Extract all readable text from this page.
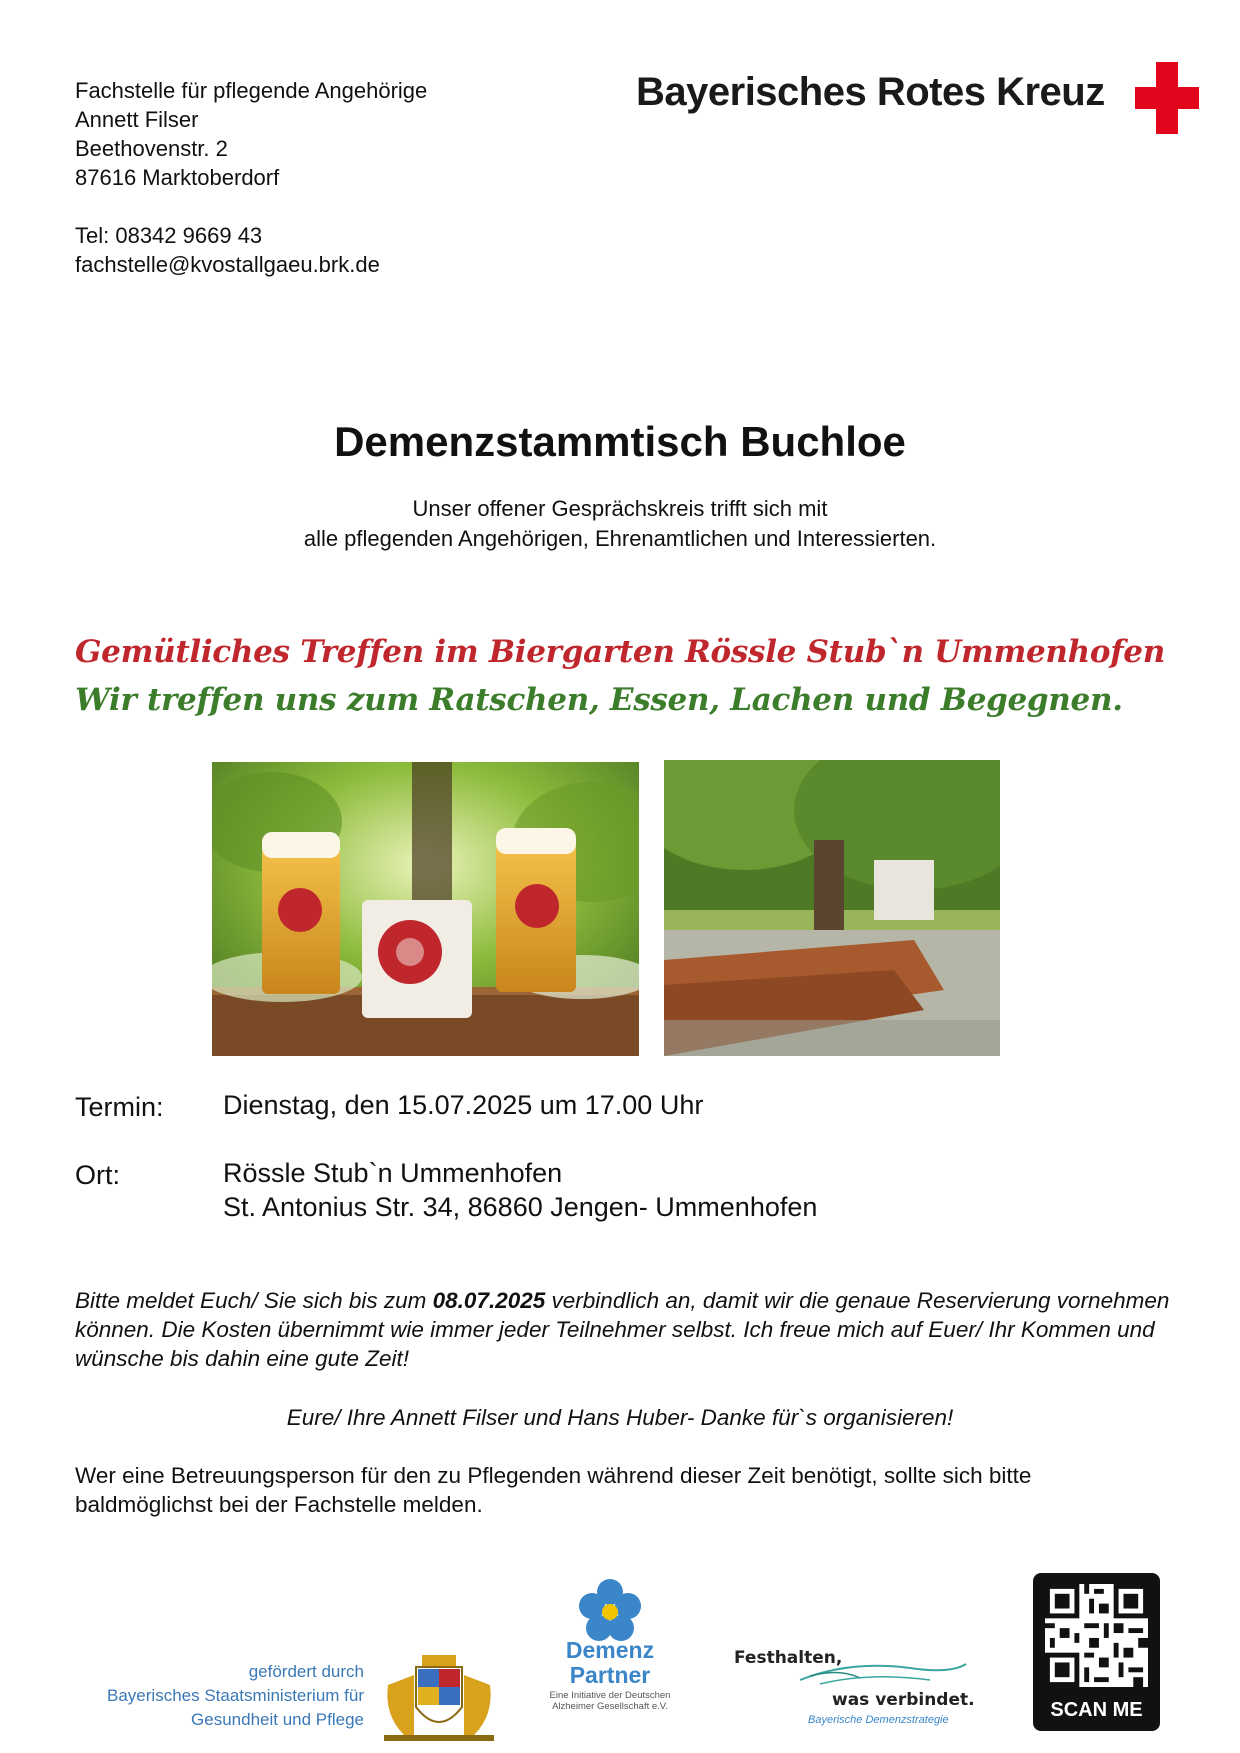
Fachstelle für pflegende Angehörige
Annett Filser
Beethovenstr. 2
87616 Marktoberdorf
Tel: 08342 9669 43
fachstelle@kvostallgaeu.brk.de
Bayerisches Rotes Kreuz
Demenzstammtisch Buchloe
Unser offener Gesprächskreis trifft sich mit
alle pflegenden Angehörigen, Ehrenamtlichen und Interessierten.
Gemütliches Treffen im Biergarten Rössle Stub`n Ummenhofen
Wir treffen uns zum Ratschen, Essen, Lachen und Begegnen.
Termin: Dienstag, den 15.07.2025 um 17.00 Uhr
Ort:	Rössle Stub`n Ummenhofen
St. Antonius Str. 34, 86860 Jengen- Ummenhofen
Bitte meldet Euch/ Sie sich bis zum 08.07.2025 verbindlich an, damit wir die genaue Reservierung vornehmen können. Die Kosten übernimmt wie immer jeder Teilnehmer selbst. Ich freue mich auf Euer/ Ihr Kommen und wünsche bis dahin eine gute Zeit!
Eure/ Ihre Annett Filser und Hans Huber- Danke für`s organisieren!
Wer eine Betreuungsperson für den zu Pflegenden während dieser Zeit benötigt, sollte sich bitte baldmöglichst bei der Fachstelle melden.
gefördert durch
Bayerisches Staatsministerium für
Gesundheit und Pflege
Demenz
Partner
Eine Initiative der Deutschen
Alzheimer Gesellschaft e.V.
Festhalten,
was verbindet.
Bayerische Demenzstrategie	SCAN ME
